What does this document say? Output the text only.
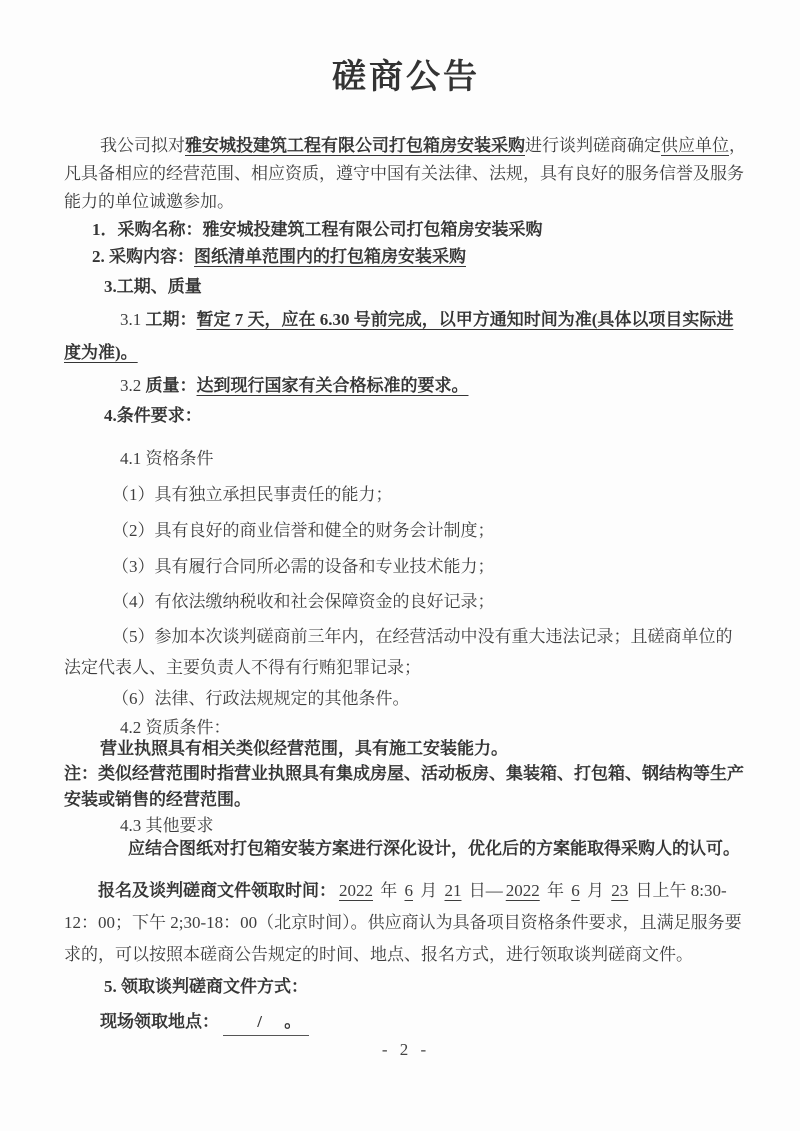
磋商公告

我公司拟对雅安城投建筑工程有限公司打包箱房安装采购进行谈判磋商确定供应单位，凡具备相应的经营范围、相应资质，遵守中国有关法律、法规，具有良好的服务信誉及服务能力的单位诚邀参加。

1．采购名称：雅安城投建筑工程有限公司打包箱房安装采购

2. 采购内容：图纸清单范围内的打包箱房安装采购

3.工期、质量

3.1 工期：暂定 7 天，应在 6.30 号前完成，以甲方通知时间为准(具体以项目实际进度为准)。

3.2 质量：达到现行国家有关合格标准的要求。

4.条件要求：

4.1 资格条件

（1）具有独立承担民事责任的能力；

（2）具有良好的商业信誉和健全的财务会计制度；

（3）具有履行合同所必需的设备和专业技术能力；

（4）有依法缴纳税收和社会保障资金的良好记录；

（5）参加本次谈判磋商前三年内，在经营活动中没有重大违法记录；且磋商单位的法定代表人、主要负责人不得有行贿犯罪记录；

（6）法律、行政法规规定的其他条件。

4.2 资质条件：

营业执照具有相关类似经营范围，具有施工安装能力。

注：类似经营范围时指营业执照具有集成房屋、活动板房、集装箱、打包箱、钢结构等生产安装或销售的经营范围。

4.3 其他要求

应结合图纸对打包箱安装方案进行深化设计，优化后的方案能取得采购人的认可。

报名及谈判磋商文件领取时间： 2022 年 6 月 21 日— 2022 年 6 月 23 日上午 8:30-12：00；下午 2;30-18：00（北京时间）。供应商认为具备项目资格条件要求，且满足服务要求的，可以按照本磋商公告规定的时间、地点、报名方式，进行领取谈判磋商文件。

5. 领取谈判磋商文件方式：

现场领取地点： / 。

- 2 -
